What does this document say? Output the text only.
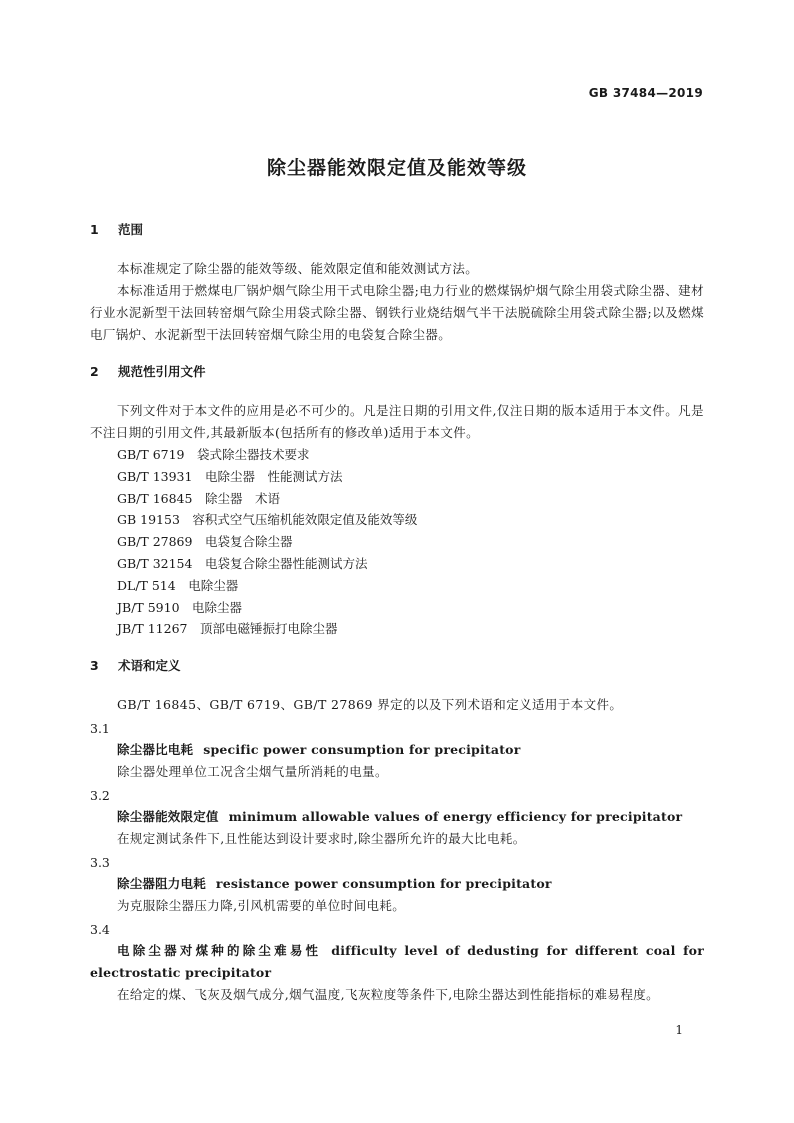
GB 37484—2019
除尘器能效限定值及能效等级
1 范围
本标准规定了除尘器的能效等级、能效限定值和能效测试方法。
本标准适用于燃煤电厂锅炉烟气除尘用干式电除尘器;电力行业的燃煤锅炉烟气除尘用袋式除尘器、建材行业水泥新型干法回转窑烟气除尘用袋式除尘器、钢铁行业烧结烟气半干法脱硫除尘用袋式除尘器;以及燃煤电厂锅炉、水泥新型干法回转窑烟气除尘用的电袋复合除尘器。
2 规范性引用文件
下列文件对于本文件的应用是必不可少的。凡是注日期的引用文件,仅注日期的版本适用于本文件。凡是不注日期的引用文件,其最新版本(包括所有的修改单)适用于本文件。
GB/T 6719　袋式除尘器技术要求
GB/T 13931　电除尘器　性能测试方法
GB/T 16845　除尘器　术语
GB 19153　容积式空气压缩机能效限定值及能效等级
GB/T 27869　电袋复合除尘器
GB/T 32154　电袋复合除尘器性能测试方法
DL/T 514　电除尘器
JB/T 5910　电除尘器
JB/T 11267　顶部电磁锤振打电除尘器
3 术语和定义
GB/T 16845、GB/T 6719、GB/T 27869 界定的以及下列术语和定义适用于本文件。
3.1
除尘器比电耗 specific power consumption for precipitator
除尘器处理单位工况含尘烟气量所消耗的电量。
3.2
除尘器能效限定值 minimum allowable values of energy efficiency for precipitator
在规定测试条件下,且性能达到设计要求时,除尘器所允许的最大比电耗。
3.3
除尘器阻力电耗 resistance power consumption for precipitator
为克服除尘器压力降,引风机需要的单位时间电耗。
3.4
电除尘器对煤种的除尘难易性 difficulty level of dedusting for different coal for electrostatic precipitator
在给定的煤、飞灰及烟气成分,烟气温度,飞灰粒度等条件下,电除尘器达到性能指标的难易程度。
1
